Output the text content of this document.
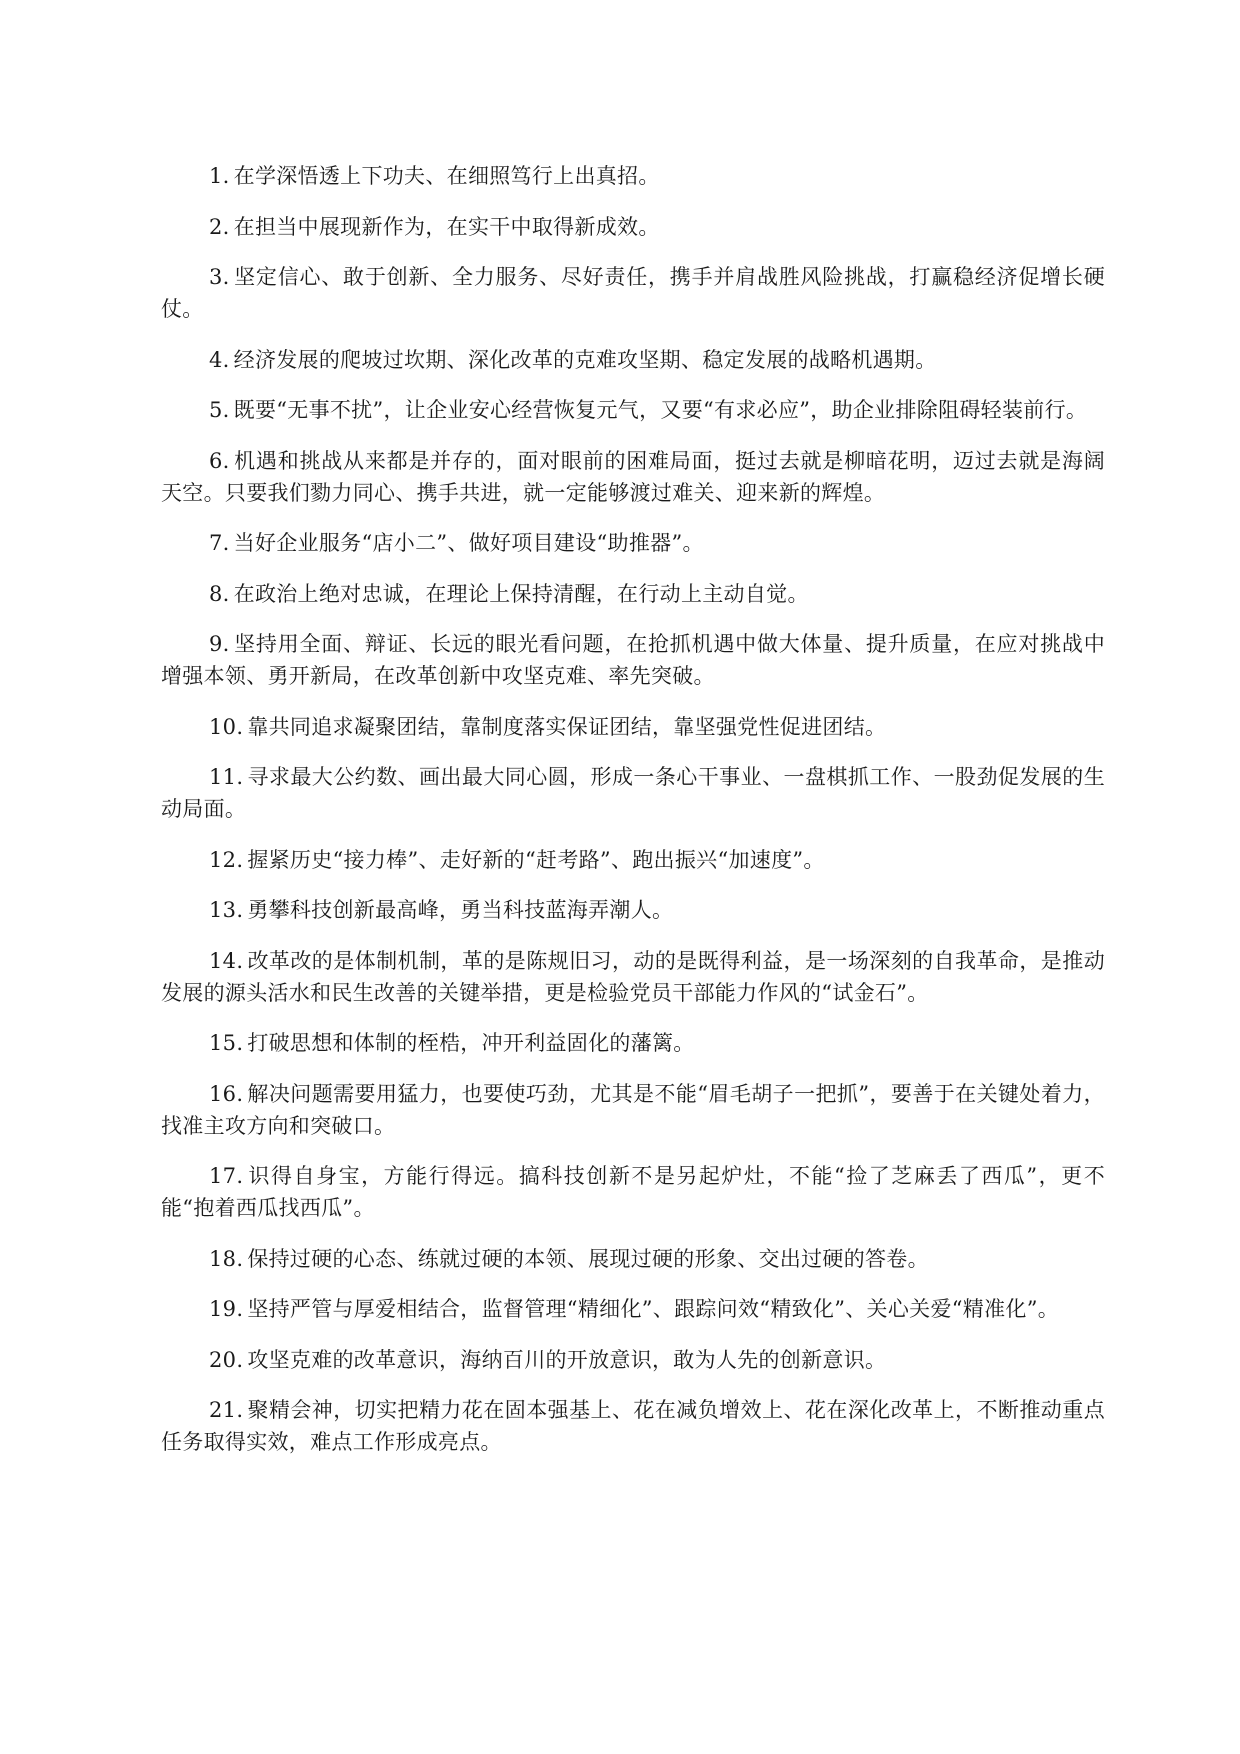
1. 在学深悟透上下功夫、在细照笃行上出真招。

2. 在担当中展现新作为，在实干中取得新成效。

3. 坚定信心、敢于创新、全力服务、尽好责任，携手并肩战胜风险挑战，打赢稳经济促增长硬仗。

4. 经济发展的爬坡过坎期、深化改革的克难攻坚期、稳定发展的战略机遇期。

5. 既要“无事不扰”，让企业安心经营恢复元气，又要“有求必应”，助企业排除阻碍轻装前行。

6. 机遇和挑战从来都是并存的，面对眼前的困难局面，挺过去就是柳暗花明，迈过去就是海阔天空。只要我们勠力同心、携手共进，就一定能够渡过难关、迎来新的辉煌。

7. 当好企业服务“店小二”、做好项目建设“助推器”。

8. 在政治上绝对忠诚，在理论上保持清醒，在行动上主动自觉。

9. 坚持用全面、辩证、长远的眼光看问题，在抢抓机遇中做大体量、提升质量，在应对挑战中增强本领、勇开新局，在改革创新中攻坚克难、率先突破。

10. 靠共同追求凝聚团结，靠制度落实保证团结，靠坚强党性促进团结。

11. 寻求最大公约数、画出最大同心圆，形成一条心干事业、一盘棋抓工作、一股劲促发展的生动局面。

12. 握紧历史“接力棒”、走好新的“赶考路”、跑出振兴“加速度”。

13. 勇攀科技创新最高峰，勇当科技蓝海弄潮人。

14. 改革改的是体制机制，革的是陈规旧习，动的是既得利益，是一场深刻的自我革命，是推动发展的源头活水和民生改善的关键举措，更是检验党员干部能力作风的“试金石”。

15. 打破思想和体制的桎梏，冲开利益固化的藩篱。

16. 解决问题需要用猛力，也要使巧劲，尤其是不能“眉毛胡子一把抓”，要善于在关键处着力，找准主攻方向和突破口。

17. 识得自身宝，方能行得远。搞科技创新不是另起炉灶，不能“捡了芝麻丢了西瓜”，更不能“抱着西瓜找西瓜”。

18. 保持过硬的心态、练就过硬的本领、展现过硬的形象、交出过硬的答卷。

19. 坚持严管与厚爱相结合，监督管理“精细化”、跟踪问效“精致化”、关心关爱“精准化”。

20. 攻坚克难的改革意识，海纳百川的开放意识，敢为人先的创新意识。

21. 聚精会神，切实把精力花在固本强基上、花在减负增效上、花在深化改革上，不断推动重点任务取得实效，难点工作形成亮点。
